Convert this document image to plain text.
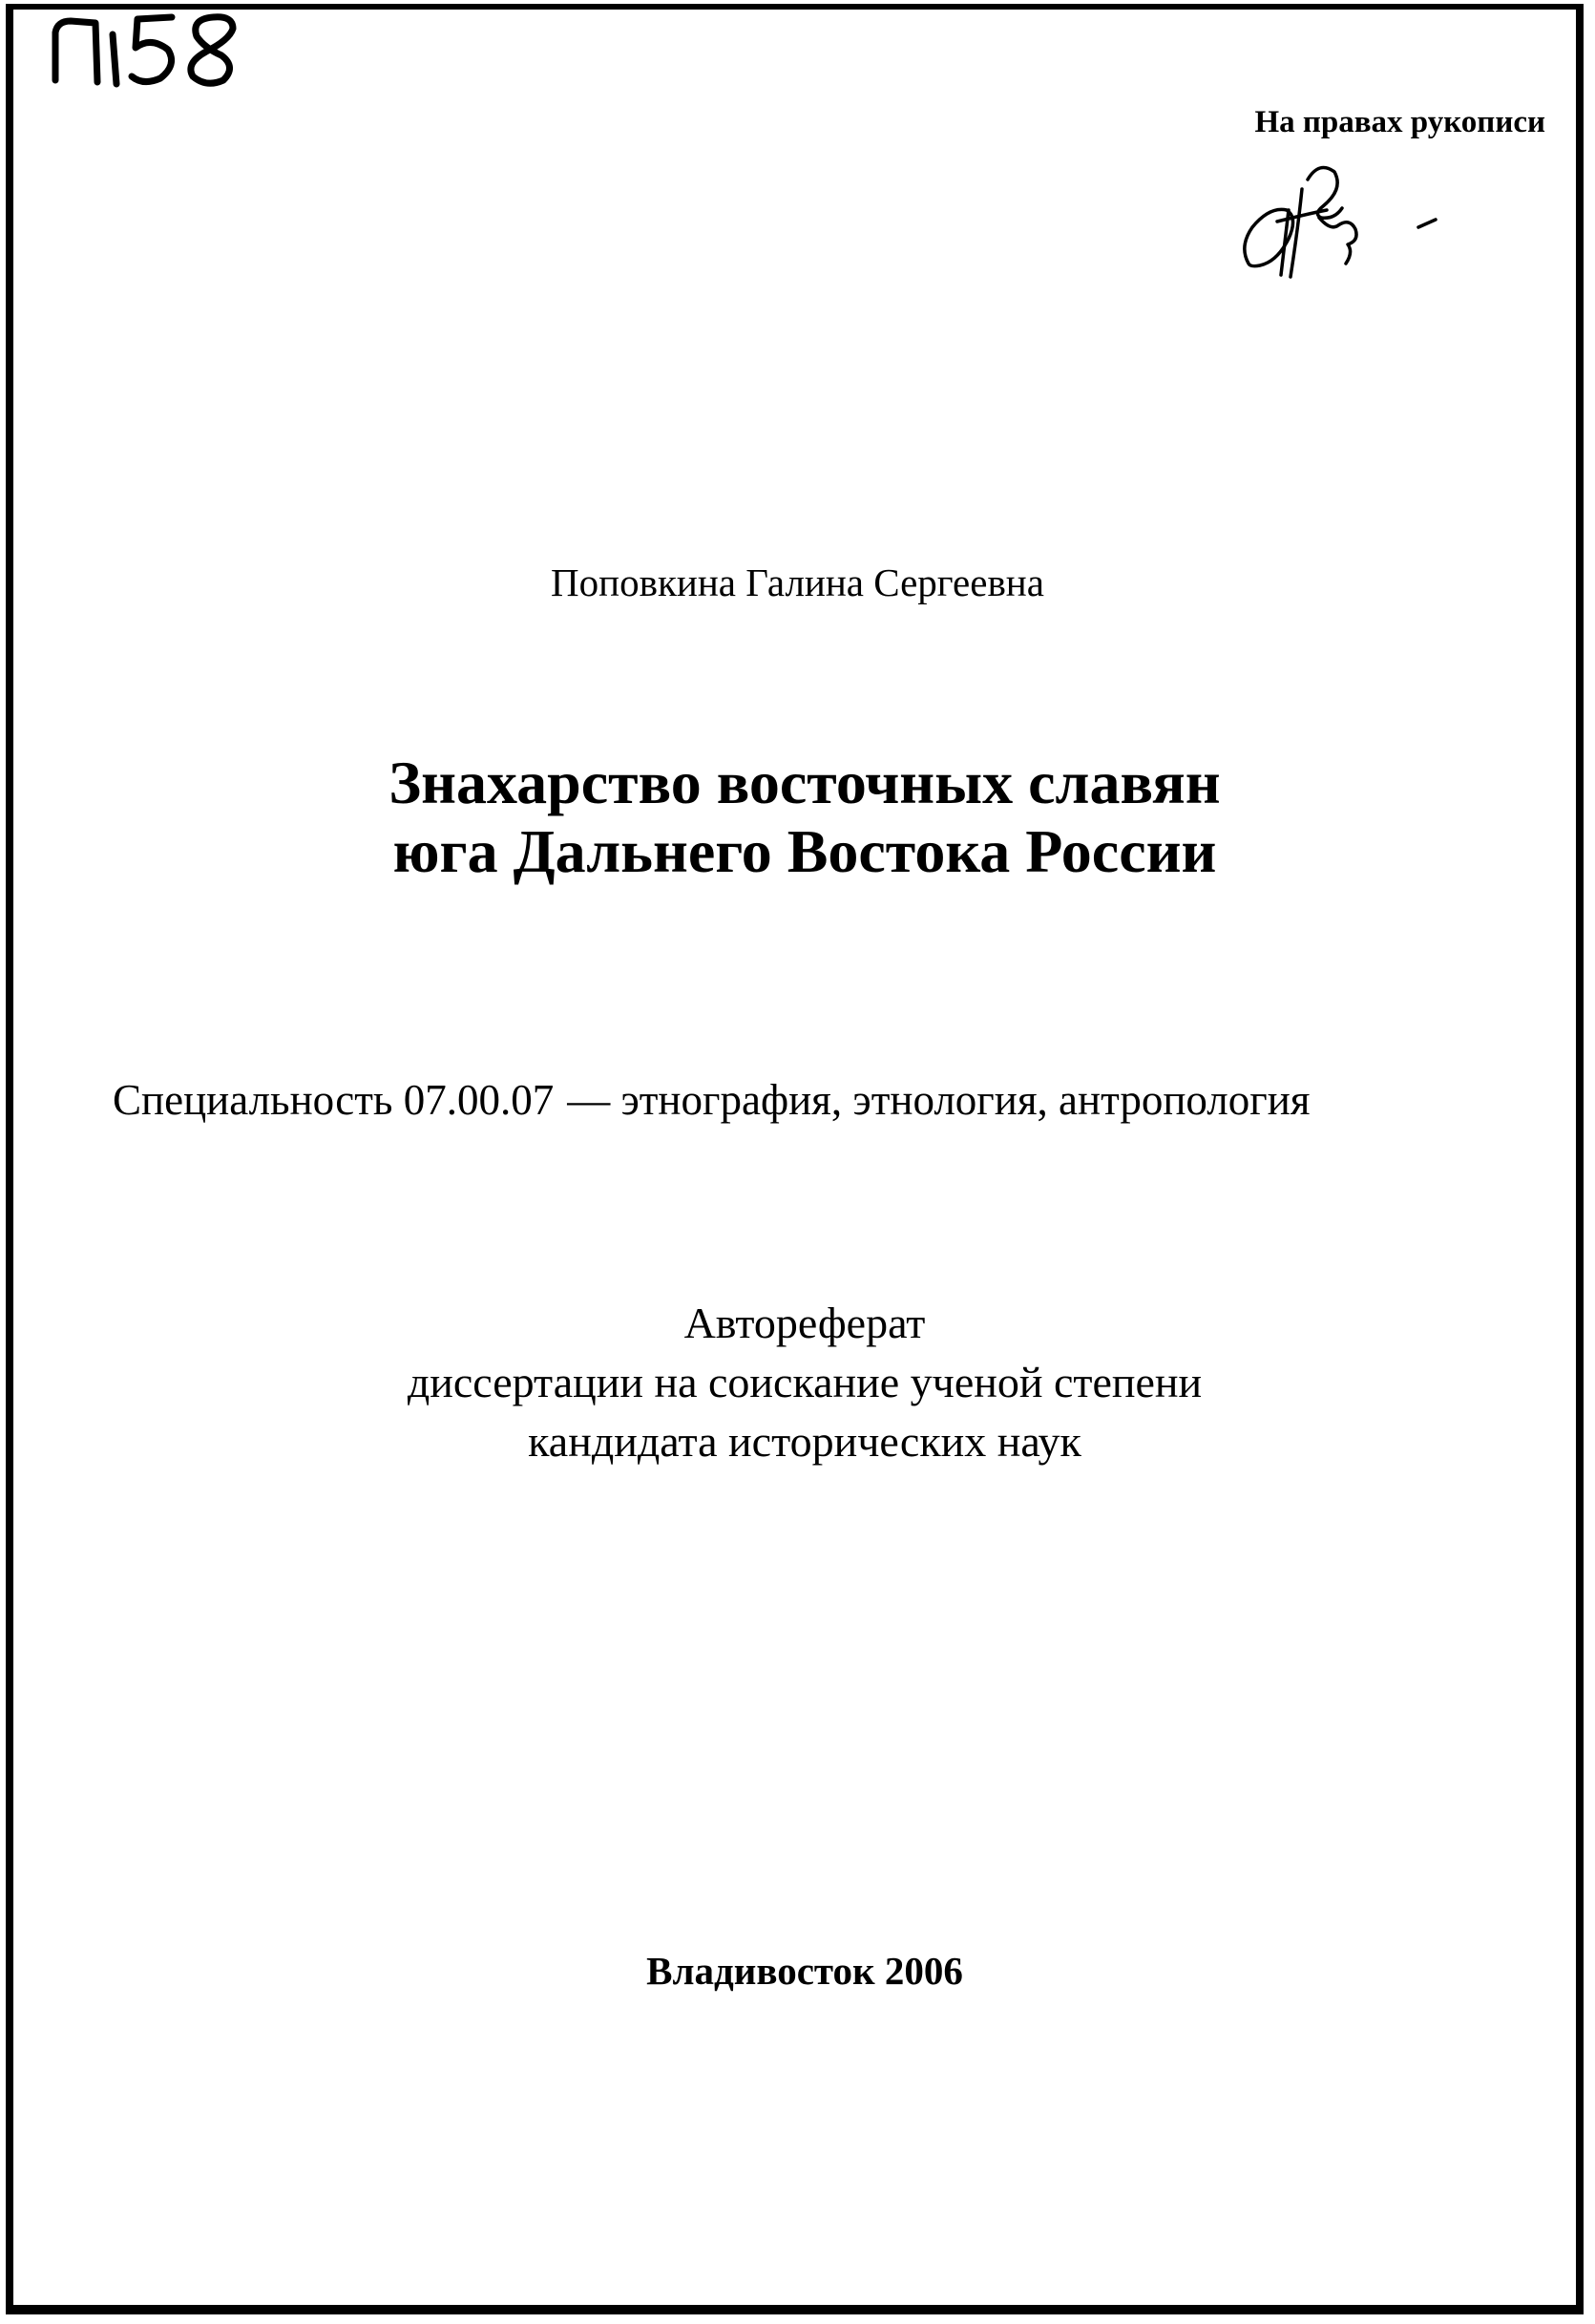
На правах рукописи
Поповкина Галина Сергеевна
Знахарство восточных славян
юга Дальнего Востока России
Специальность 07.00.07 — этнография, этнология, антропология
Автореферат
диссертации на соискание ученой степени
кандидата исторических наук
Владивосток 2006
